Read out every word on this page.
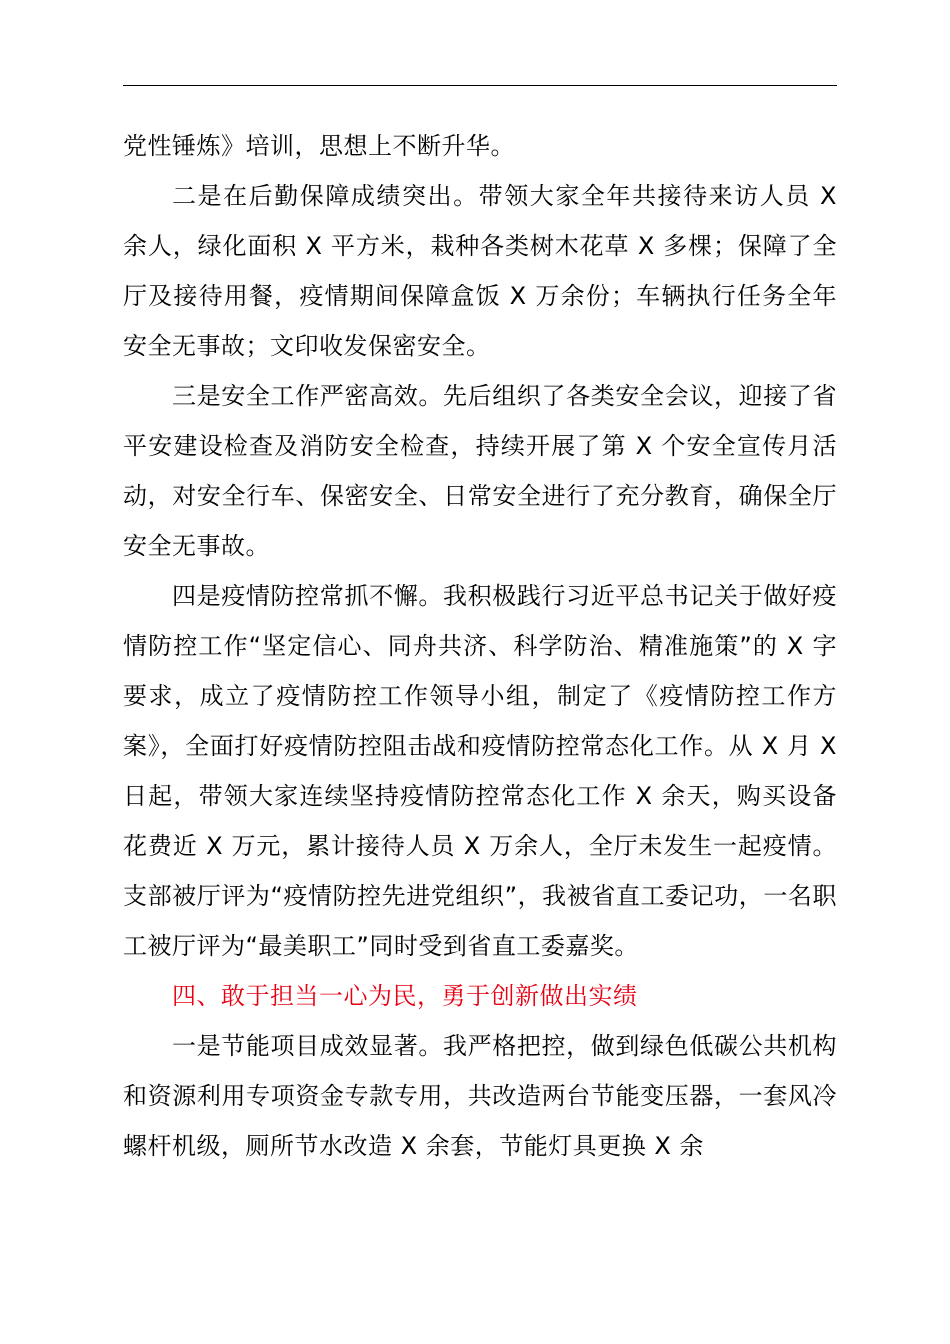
党性锤炼》培训，思想上不断升华。

二是在后勤保障成绩突出。带领大家全年共接待来访人员 X 余人，绿化面积 X 平方米，栽种各类树木花草 X 多棵；保障了全厅及接待用餐，疫情期间保障盒饭 X 万余份；车辆执行任务全年安全无事故；文印收发保密安全。

三是安全工作严密高效。先后组织了各类安全会议，迎接了省平安建设检查及消防安全检查，持续开展了第 X 个安全宣传月活动，对安全行车、保密安全、日常安全进行了充分教育，确保全厅安全无事故。

四是疫情防控常抓不懈。我积极践行习近平总书记关于做好疫情防控工作“坚定信心、同舟共济、科学防治、精准施策”的 X 字要求，成立了疫情防控工作领导小组，制定了《疫情防控工作方案》，全面打好疫情防控阻击战和疫情防控常态化工作。从 X 月 X 日起，带领大家连续坚持疫情防控常态化工作 X 余天，购买设备花费近 X 万元，累计接待人员 X 万余人，全厅未发生一起疫情。支部被厅评为“疫情防控先进党组织”，我被省直工委记功，一名职工被厅评为“最美职工”同时受到省直工委嘉奖。

四、敢于担当一心为民，勇于创新做出实绩

一是节能项目成效显著。我严格把控，做到绿色低碳公共机构和资源利用专项资金专款专用，共改造两台节能变压器，一套风冷螺杆机级，厕所节水改造 X 余套，节能灯具更换 X 余
